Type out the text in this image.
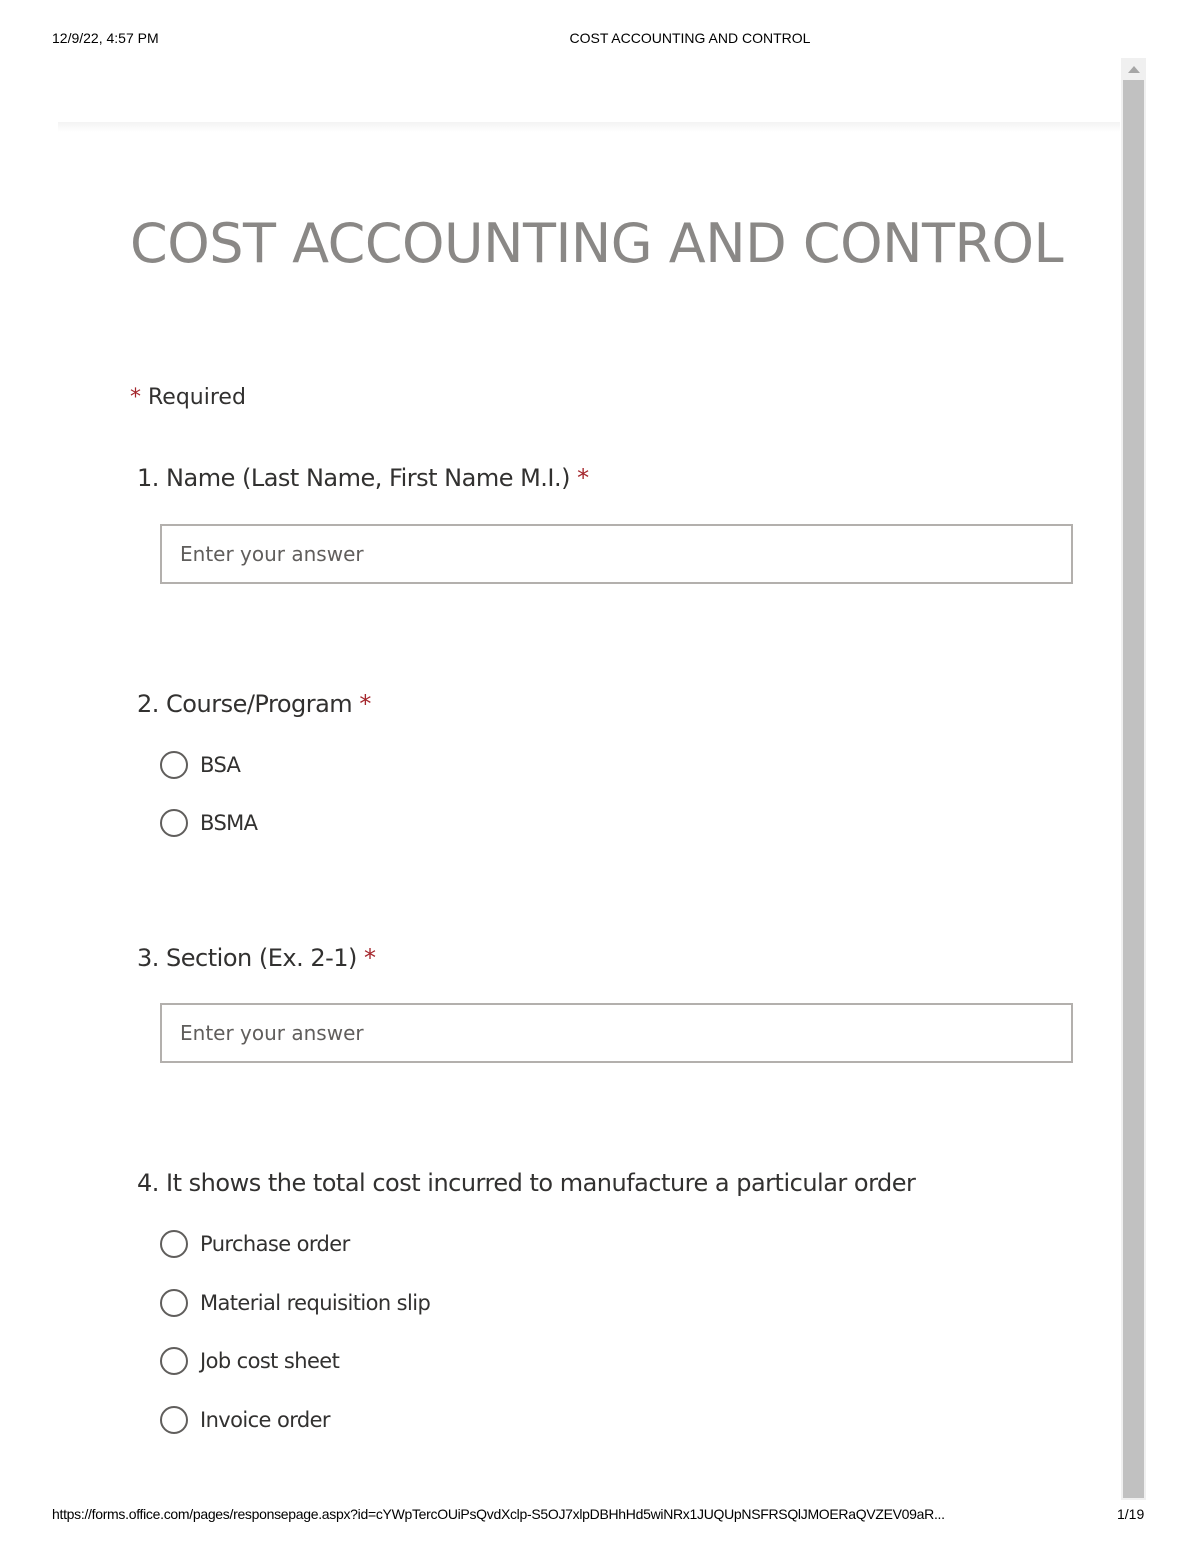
12/9/22, 4:57 PM	COST ACCOUNTING AND CONTROL
COST ACCOUNTING AND CONTROL
* Required
1. Name (Last Name, First Name M.I.) *
Enter your answer
2. Course/Program *
BSA
BSMA
3. Section (Ex. 2-1) *
Enter your answer
4. It shows the total cost incurred to manufacture a particular order
Purchase order
Material requisition slip
Job cost sheet
Invoice order
https://forms.office.com/pages/responsepage.aspx?id=cYWpTercOUiPsQvdXclp-S5OJ7xlpDBHhHd5wiNRx1JUQUpNSFRSQlJMOERaQVZEV09aR...	1/19
